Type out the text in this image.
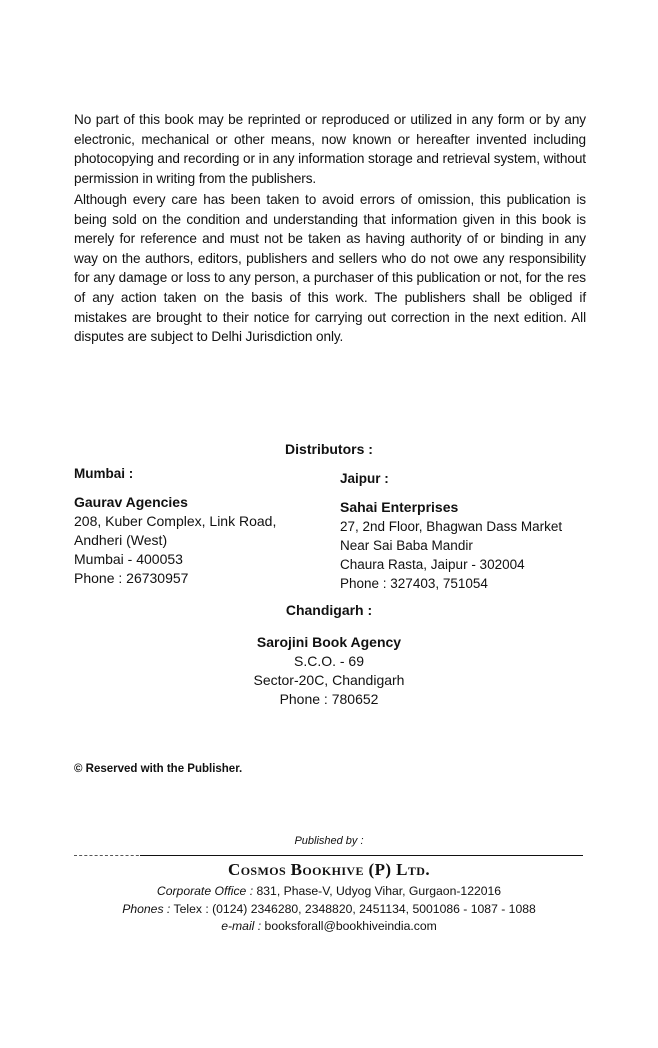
No part of this book may be reprinted or reproduced or utilized in any form or by any electronic, mechanical or other means, now known or hereafter invented including photocopying and recording or in any information storage and retrieval system, without permission in writing from the publishers.

Although every care has been taken to avoid errors of omission, this publication is being sold on the condition and understanding that information given in this book is merely for reference and must not be taken as having authority of or binding in any way on the authors, editors, publishers and sellers who do not owe any responsibility for any damage or loss to any person, a purchaser of this publication or not, for the res of any action taken on the basis of this work. The publishers shall be obliged if mistakes are brought to their notice for carrying out correction in the next edition. All disputes are subject to Delhi Jurisdiction only.

Distributors :
Mumbai :
Gaurav Agencies
208, Kuber Complex, Link Road,
Andheri (West)
Mumbai - 400053
Phone : 26730957
Jaipur :
Sahai Enterprises
27, 2nd Floor, Bhagwan Dass Market
Near Sai Baba Mandir
Chaura Rasta, Jaipur - 302004
Phone : 327403, 751054
Chandigarh :
Sarojini Book Agency
S.C.O. - 69
Sector-20C, Chandigarh
Phone : 780652
© Reserved with the Publisher.
Published by :
Cosmos Bookhive (P) Ltd.
Corporate Office : 831, Phase-V, Udyog Vihar, Gurgaon-122016
Phones : Telex : (0124) 2346280, 2348820, 2451134, 5001086 - 1087 - 1088
e-mail : booksforall@bookhiveindia.com
